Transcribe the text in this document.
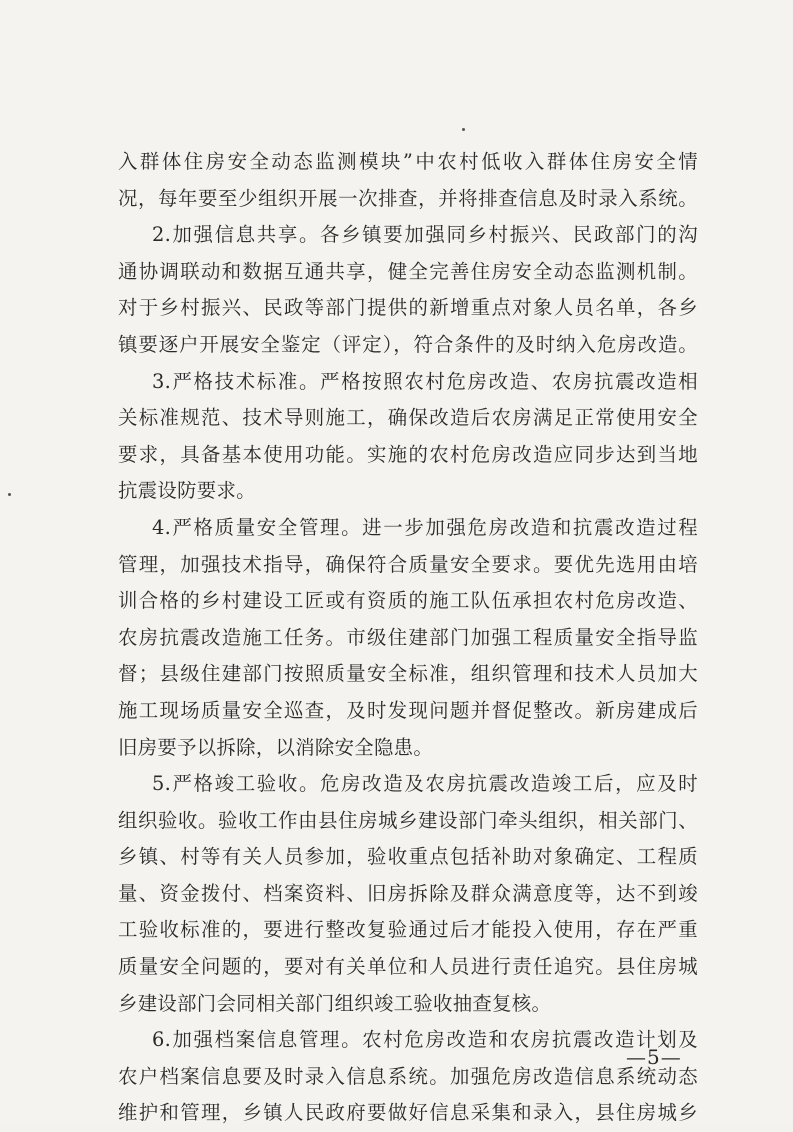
入群体住房安全动态监测模块”中农村低收入群体住房安全情
况，每年要至少组织开展一次排查，并将排查信息及时录入系统。
2.加强信息共享。各乡镇要加强同乡村振兴、民政部门的沟
通协调联动和数据互通共享，健全完善住房安全动态监测机制。
对于乡村振兴、民政等部门提供的新增重点对象人员名单，各乡
镇要逐户开展安全鉴定（评定），符合条件的及时纳入危房改造。
3.严格技术标准。严格按照农村危房改造、农房抗震改造相
关标准规范、技术导则施工，确保改造后农房满足正常使用安全
要求，具备基本使用功能。实施的农村危房改造应同步达到当地
抗震设防要求。
4.严格质量安全管理。进一步加强危房改造和抗震改造过程
管理，加强技术指导，确保符合质量安全要求。要优先选用由培
训合格的乡村建设工匠或有资质的施工队伍承担农村危房改造、
农房抗震改造施工任务。市级住建部门加强工程质量安全指导监
督；县级住建部门按照质量安全标准，组织管理和技术人员加大
施工现场质量安全巡查，及时发现问题并督促整改。新房建成后
旧房要予以拆除，以消除安全隐患。
5.严格竣工验收。危房改造及农房抗震改造竣工后，应及时
组织验收。验收工作由县住房城乡建设部门牵头组织，相关部门、
乡镇、村等有关人员参加，验收重点包括补助对象确定、工程质
量、资金拨付、档案资料、旧房拆除及群众满意度等，达不到竣
工验收标准的，要进行整改复验通过后才能投入使用，存在严重
质量安全问题的，要对有关单位和人员进行责任追究。县住房城
乡建设部门会同相关部门组织竣工验收抽查复核。
6.加强档案信息管理。农村危房改造和农房抗震改造计划及
农户档案信息要及时录入信息系统。加强危房改造信息系统动态
维护和管理，乡镇人民政府要做好信息采集和录入，县住房城乡
—5—
